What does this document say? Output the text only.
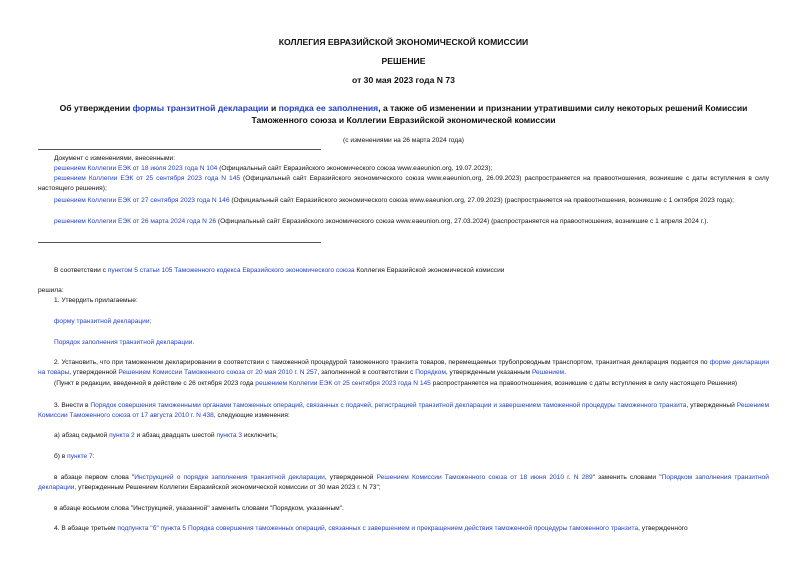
КОЛЛЕГИЯ ЕВРАЗИЙСКОЙ ЭКОНОМИЧЕСКОЙ КОМИССИИ
РЕШЕНИЕ
от 30 мая 2023 года N 73
Об утверждении формы транзитной декларации и порядка ее заполнения, а также об изменении и признании утратившими силу некоторых решений Комиссии Таможенного союза и Коллегии Евразийской экономической комиссии
(с изменениями на 26 марта 2024 года)
Документ с изменениями, внесенными:
решением Коллегии ЕЭК от 18 июля 2023 года N 104 (Официальный сайт Евразийского экономического союза www.eaeunion.org, 19.07.2023);
решением Коллегии ЕЭК от 25 сентября 2023 года N 145 (Официальный сайт Евразийского экономического союза www.eaeunion.org, 26.09.2023) распространяется на правоотношения, возникшие с даты вступления в силу настоящего решения);
решением Коллегии ЕЭК от 27 сентября 2023 года N 146 (Официальный сайт Евразийского экономического союза www.eaeunion.org, 27.09.2023) (распространяется на правоотношения, возникшие с 1 октября 2023 года);
решением Коллегии ЕЭК от 26 марта 2024 года N 26 (Официальный сайт Евразийского экономического союза www.eaeunion.org, 27.03.2024) (распространяется на правоотношения, возникшие с 1 апреля 2024 г.).
В соответствии с пунктом 5 статьи 105 Таможенного кодекса Евразийского экономического союза Коллегия Евразийской экономической комиссии
решила:
1. Утвердить прилагаемые:
форму транзитной декларации;
Порядок заполнения транзитной декларации.
2. Установить, что при таможенном декларировании в соответствии с таможенной процедурой таможенного транзита товаров, перемещаемых трубопроводным транспортом, транзитная декларация подается по форме декларации на товары, утвержденной Решением Комиссии Таможенного союза от 20 мая 2010 г. N 257, заполненной в соответствии с Порядком, утвержденным указанным Решением.
(Пункт в редакции, введенной в действие с 26 октября 2023 года решением Коллегии ЕЭК от 25 сентября 2023 года N 145 распространяется на правоотношения, возникшие с даты вступления в силу настоящего Решения)
3. Внести в Порядок совершения таможенными органами таможенных операций, связанных с подачей, регистрацией транзитной декларации и завершением таможенной процедуры таможенного транзита, утвержденный Решением Комиссии Таможенного союза от 17 августа 2010 г. N 438, следующие изменения:
а) абзац седьмой пункта 2 и абзац двадцать шестой пункта 3 исключить;
б) в пункте 7:
в абзаце первом слова "Инструкцией о порядке заполнения транзитной декларации, утвержденной Решением Комиссии Таможенного союза от 18 июня 2010 г. N 289" заменить словами "Порядком заполнения транзитной декларации, утвержденным Решением Коллегии Евразийской экономической комиссии от 30 мая 2023 г. N 73";
в абзаце восьмом слова "Инструкцией, указанной" заменить словами "Порядком, указанным".
4. В абзаце третьем подпункта "б" пункта 5 Порядка совершения таможенных операций, связанных с завершением и прекращением действия таможенной процедуры таможенного транзита, утвержденного
